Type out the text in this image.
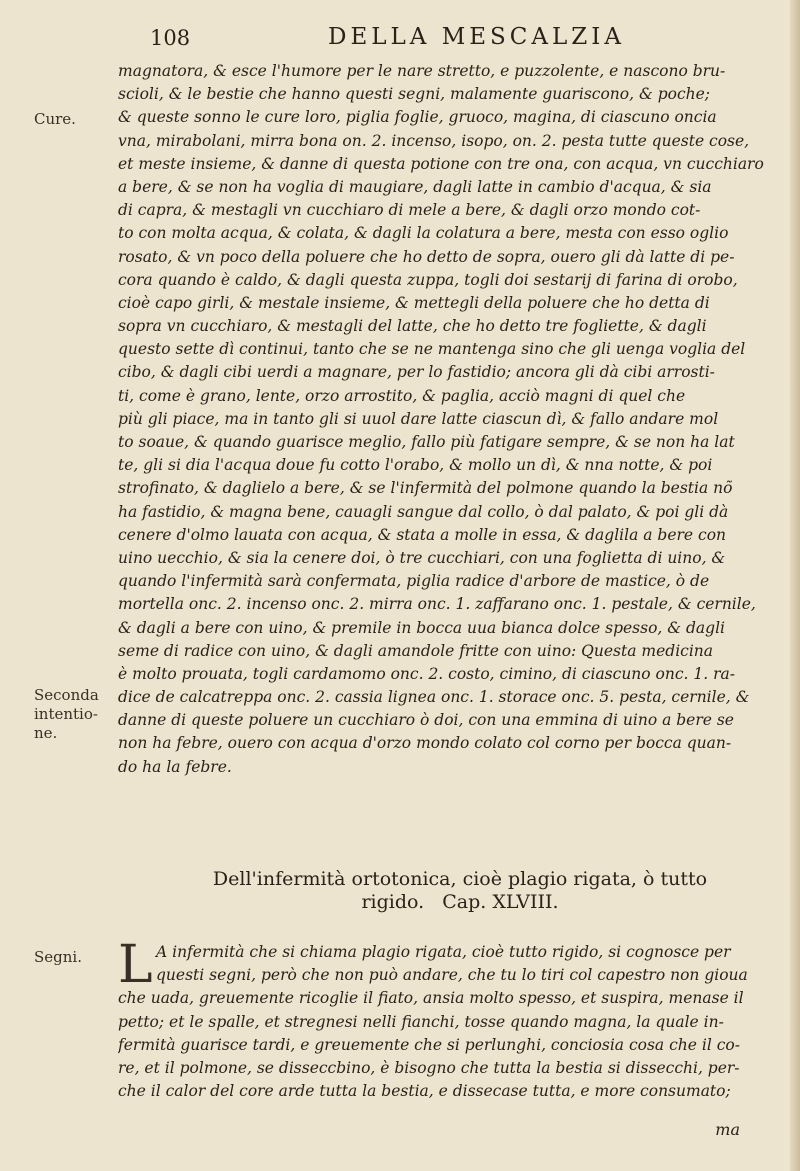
108	DELLA MESCALZIA
Cure.
Seconda
intentio-
ne.
Segni.
magnatora, & esce l'humore per le nare stretto, e puzzolente, e nascono bru-
scioli, & le bestie che hanno questi segni, malamente guariscono, & poche;
& queste sonno le cure loro, piglia foglie, gruoco, magina, di ciascuno oncia
vna, mirabolani, mirra bona on. 2. incenso, isopo, on. 2. pesta tutte queste cose,
et meste insieme, & danne di questa potione con tre ona, con acqua, vn cucchiaro
a bere, & se non ha voglia di maugiare, dagli latte in cambio d'acqua, & sia
di capra, & mestagli vn cucchiaro di mele a bere, & dagli orzo mondo cot-
to con molta acqua, & colata, & dagli la colatura a bere, mesta con esso oglio
rosato, & vn poco della poluere che ho detto de sopra, ouero gli dà latte di pe-
cora quando è caldo, & dagli questa zuppa, togli doi sestarij di farina di orobo,
cioè capo girli, & mestale insieme, & mettegli della poluere che ho detta di
sopra vn cucchiaro, & mestagli del latte, che ho detto tre fogliette, & dagli
questo sette dì continui, tanto che se ne mantenga sino che gli uenga voglia del
cibo, & dagli cibi uerdi a magnare, per lo fastidio; ancora gli dà cibi arrosti-
ti, come è grano, lente, orzo arrostito, & paglia, acciò magni di quel che
più gli piace, ma in tanto gli si uuol dare latte ciascun dì, & fallo andare mol
to soaue, & quando guarisce meglio, fallo più fatigare sempre, & se non ha lat
te, gli si dia l'acqua doue fu cotto l'orabo, & mollo un dì, & nna notte, & poi
strofinato, & daglielo a bere, & se l'infermità del polmone quando la bestia nõ
ha fastidio, & magna bene, cauagli sangue dal collo, ò dal palato, & poi gli dà
cenere d'olmo lauata con acqua, & stata a molle in essa, & daglila a bere con
uino uecchio, & sia la cenere doi, ò tre cucchiari, con una foglietta di uino, &
quando l'infermità sarà confermata, piglia radice d'arbore de mastice, ò de
mortella onc. 2. incenso onc. 2. mirra onc. 1. zaffarano onc. 1. pestale, & cernile,
& dagli a bere con uino, & premile in bocca uua bianca dolce spesso, & dagli
seme di radice con uino, & dagli amandole fritte con uino: Questa medicina
è molto prouata, togli cardamomo onc. 2. costo, cimino, di ciascuno onc. 1. ra-
dice de calcatreppa onc. 2. cassia lignea onc. 1. storace onc. 5. pesta, cernile, &
danne di queste poluere un cucchiaro ò doi, con una emmina di uino a bere se
non ha febre, ouero con acqua d'orzo mondo colato col corno per bocca quan-
do ha la febre.
Dell'infermità ortotonica, cioè plagio rigata, ò tutto
rigido.   Cap. XLVIII.
L A infermità che si chiama plagio rigata, cioè tutto rigido, si cognosce per
questi segni, però che non può andare, che tu lo tiri col capestro non gioua
che uada, greuemente ricoglie il fiato, ansia molto spesso, et suspira, menase il
petto; et le spalle, et stregnesi nelli fianchi, tosse quando magna, la quale in-
fermità guarisce tardi, e greuemente che si perlunghi, conciosia cosa che il co-
re, et il polmone, se disseccbino, è bisogno che tutta la bestia si dissecchi, per-
che il calor del core arde tutta la bestia, e dissecase tutta, e more consumato;
ma
